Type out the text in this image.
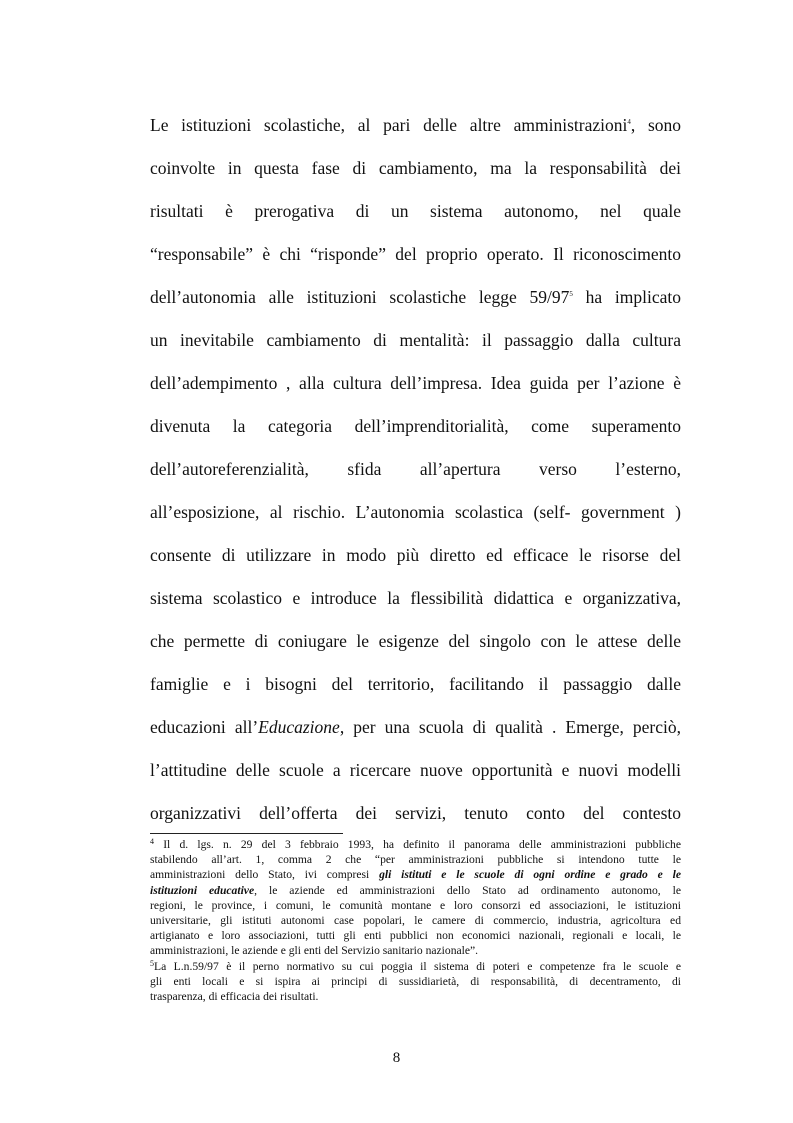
Le istituzioni scolastiche, al pari delle altre amministrazioni$^4$, sono
coinvolte in questa fase di cambiamento, ma la responsabilità dei
risultati è prerogativa di un sistema autonomo, nel quale
“responsabile” è chi “risponde” del proprio operato. Il riconoscimento
dell’autonomia alle istituzioni scolastiche legge 59/97$^5$ ha implicato
un inevitabile cambiamento di mentalità: il passaggio dalla cultura
dell’adempimento , alla cultura dell’impresa. Idea guida per l’azione è
divenuta la categoria dell’imprenditorialità, come superamento
dell’autoreferenzialità, sfida all’apertura verso l’esterno,
all’esposizione, al rischio. L’autonomia scolastica (self- government )
consente di utilizzare in modo più diretto ed efficace le risorse del
sistema scolastico e introduce la flessibilità didattica e organizzativa,
che permette di coniugare le esigenze del singolo con le attese delle
famiglie e i bisogni del territorio, facilitando il passaggio dalle
educazioni all’Educazione, per una scuola di qualità . Emerge, perciò,
l’attitudine delle scuole a ricercare nuove opportunità e nuovi modelli
organizzativi dell’offerta dei servizi, tenuto conto del contesto
$^4$ Il d. lgs. n. 29 del 3 febbraio 1993, ha definito il panorama delle amministrazioni pubbliche
stabilendo all’art. 1, comma 2 che “per amministrazioni pubbliche si intendono tutte le
amministrazioni dello Stato, ivi compresi gli istituti e le scuole di ogni ordine e grado e le
istituzioni educative, le aziende ed amministrazioni dello Stato ad ordinamento autonomo, le
regioni, le province, i comuni, le comunità montane e loro consorzi ed associazioni, le istituzioni
universitarie, gli istituti autonomi case popolari, le camere di commercio, industria, agricoltura ed
artigianato e loro associazioni, tutti gli enti pubblici non economici nazionali, regionali e locali, le
amministrazioni, le aziende e gli enti del Servizio sanitario nazionale”.
$^5$La L.n.59/97 è il perno normativo su cui poggia il sistema di poteri e competenze fra le scuole e
gli enti locali e si ispira ai principi di sussidiarietà, di responsabilità, di decentramento, di
trasparenza, di efficacia dei risultati.
8
